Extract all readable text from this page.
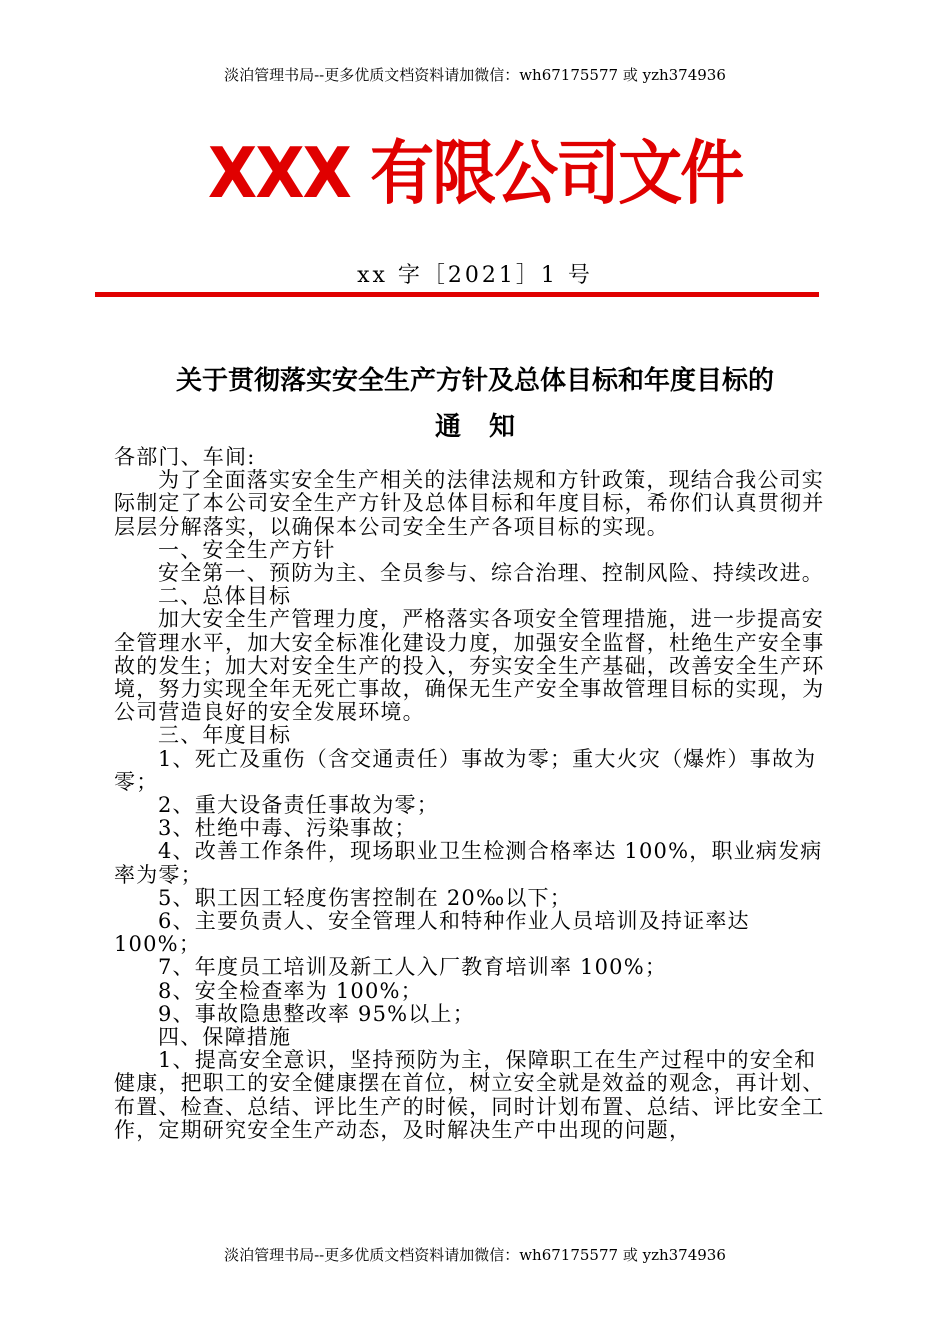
淡泊管理书局--更多优质文档资料请加微信：wh67175577 或 yzh374936
XXX 有限公司文件
xx 字［2021］1 号
关于贯彻落实安全生产方针及总体目标和年度目标的
通知

各部门、车间:

为了全面落实安全生产相关的法律法规和方针政策，现结合我公司实际制定了本公司安全生产方针及总体目标和年度目标，希你们认真贯彻并层层分解落实，以确保本公司安全生产各项目标的实现。

一、安全生产方针

安全第一、预防为主、全员参与、综合治理、控制风险、持续改进。

二、总体目标

加大安全生产管理力度，严格落实各项安全管理措施，进一步提高安全管理水平，加大安全标准化建设力度，加强安全监督，杜绝生产安全事故的发生；加大对安全生产的投入，夯实安全生产基础，改善安全生产环境，努力实现全年无死亡事故，确保无生产安全事故管理目标的实现，为公司营造良好的安全发展环境。

三、年度目标

1、死亡及重伤（含交通责任）事故为零；重大火灾（爆炸）事故为零；

2、重大设备责任事故为零；

3、杜绝中毒、污染事故；

4、改善工作条件，现场职业卫生检测合格率达 100%，职业病发病率为零；

5、职工因工轻度伤害控制在 20‰以下；

6、主要负责人、安全管理人和特种作业人员培训及持证率达 100%；

7、年度员工培训及新工人入厂教育培训率 100%；

8、安全检查率为 100%；

9、事故隐患整改率 95%以上；

四、保障措施

1、提高安全意识，坚持预防为主，保障职工在生产过程中的安全和健康，把职工的安全健康摆在首位，树立安全就是效益的观念，再计划、布置、检查、总结、评比生产的时候，同时计划布置、总结、评比安全工作，定期研究安全生产动态，及时解决生产中出现的问题，

淡泊管理书局--更多优质文档资料请加微信：wh67175577 或 yzh374936
